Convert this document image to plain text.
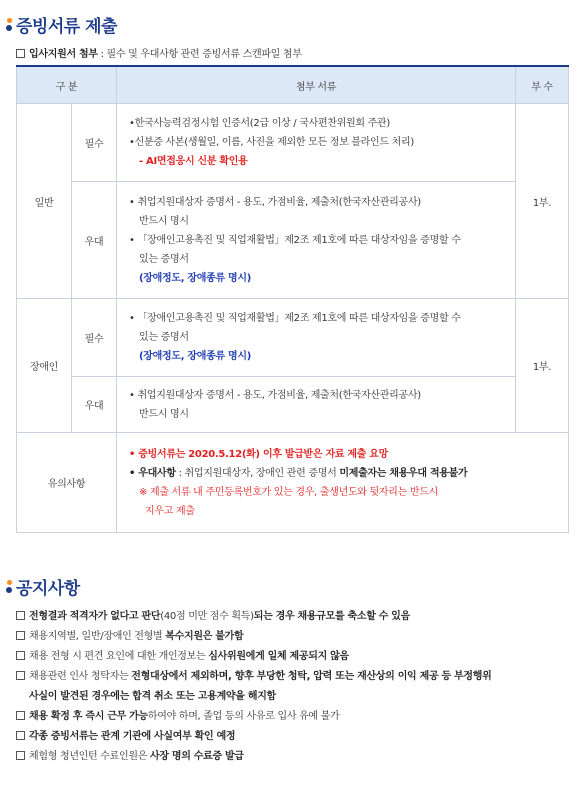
증빙서류 제출
입사지원서 첨부 : 필수 및 우대사항 관련 증빙서류 스캔파일 첨부
구 분		첨부 서류	부 수
일반	필수	•한국사능력검정시험 인증서(2급 이상 / 국사편찬위원회 주관)
•신분증 사본(생월일, 이름, 사진을 제외한 모든 정보 블라인드 처리)
- AI면접응시 신분 확인용	1부.
	우대	• 취업지원대상자 증명서 - 용도, 가점비율, 제출처(한국자산관리공사)
반드시 명시
• 「장애인고용촉진 및 직업재활법」제2조 제1호에 따른 대상자임을 증명할 수
있는 증명서
(장애정도, 장애종류 명시)	

장애인	필수	• 「장애인고용촉진 및 직업재활법」제2조 제1호에 따른 대상자임을 증명할 수
있는 증명서
(장애정도, 장애종류 명시)	1부.
	우대	• 취업지원대상자 증명서 - 용도, 가점비율, 제출처(한국자산관리공사)
반드시 명시	

유의사항		• 증빙서류는 2020.5.12(화) 이후 발급받은 자료 제출 요망
• 우대사항 : 취업지원대상자, 장애인 관련 증명서 미제출자는 채용우대 적용불가
※ 제출 서류 내 주민등록번호가 있는 경우, 출생년도와 뒷자리는 반드시
지우고 제출	
공지사항
전형결과 적격자가 없다고 판단(40점 미만 점수 획득)되는 경우 채용규모를 축소할 수 있음
채용지역별, 일반/장애인 전형별 복수지원은 불가함
채용 전형 시 편견 요인에 대한 개인정보는 심사위원에게 일체 제공되지 않음
채용관련 인사 청탁자는 전형대상에서 제외하며, 향후 부당한 청탁, 압력 또는 재산상의 이익 제공 등 부정행위
사실이 발견된 경우에는 합격 취소 또는 고용계약을 해지함
채용 확정 후 즉시 근무 가능하여야 하며, 졸업 등의 사유로 입사 유예 불가
각종 증빙서류는 관계 기관에 사실여부 확인 예정
체험형 청년인턴 수료인원은 사장 명의 수료증 발급
